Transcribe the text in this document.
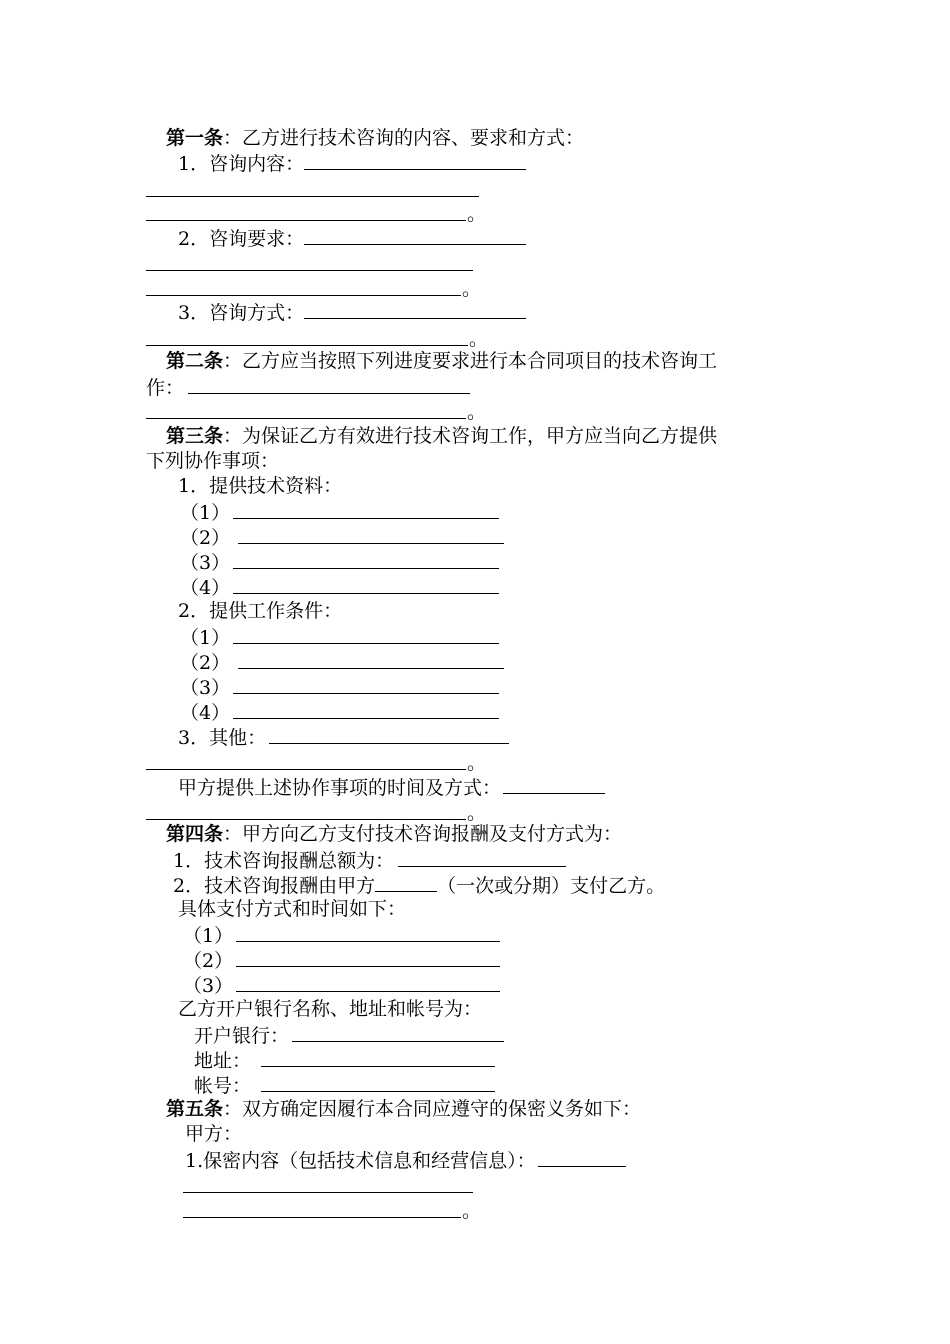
第一条：乙方进行技术咨询的内容、要求和方式：
1．咨询内容：
。
2．咨询要求：
。
3．咨询方式：
。
第二条：乙方应当按照下列进度要求进行本合同项目的技术咨询工
作：
。
第三条：为保证乙方有效进行技术咨询工作，甲方应当向乙方提供
下列协作事项：
1．提供技术资料：
（1）
（2）
（3）
（4）
2．提供工作条件：
（1）
（2）
（3）
（4）
3．其他：
。
甲方提供上述协作事项的时间及方式：
。
第四条：甲方向乙方支付技术咨询报酬及支付方式为：
1．技术咨询报酬总额为：
2．技术咨询报酬由甲方	（一次或分期）支付乙方。
具体支付方式和时间如下：
（1）
（2）
（3）
乙方开户银行名称、地址和帐号为：
开户银行：
地址：
帐号：
第五条：双方确定因履行本合同应遵守的保密义务如下：
甲方：
1.保密内容（包括技术信息和经营信息）：
。
